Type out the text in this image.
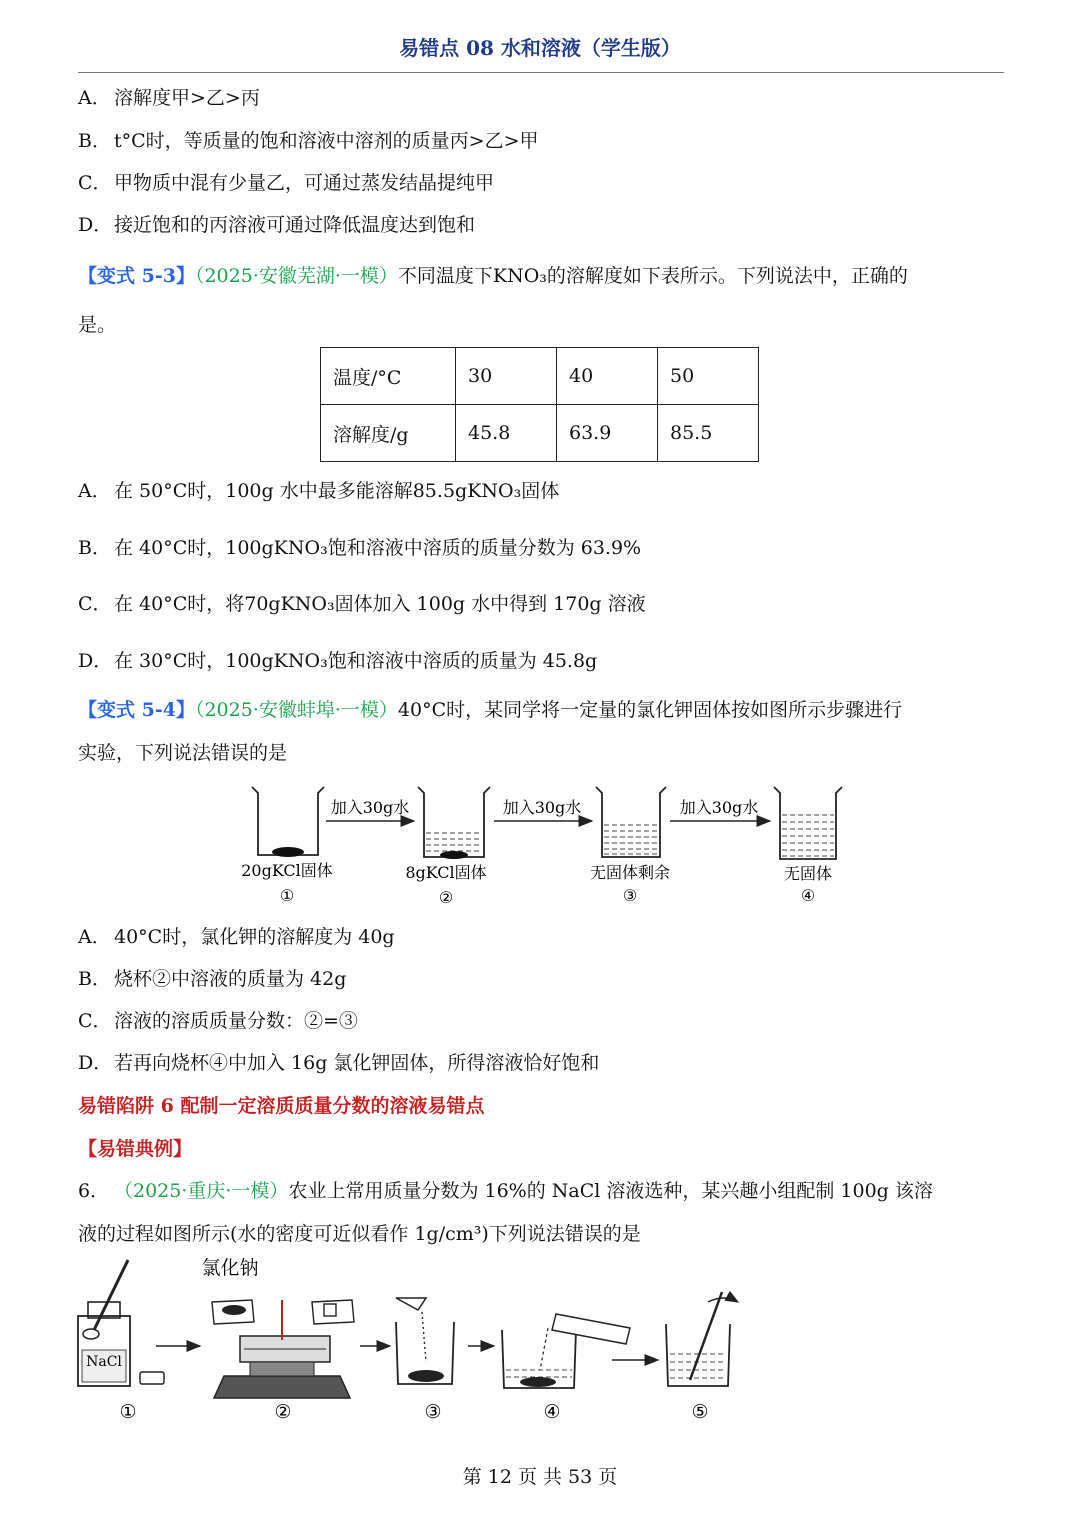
易错点 08 水和溶液（学生版）
A． 溶解度甲>乙>丙
B． t°C时，等质量的饱和溶液中溶剂的质量丙>乙>甲
C． 甲物质中混有少量乙，可通过蒸发结晶提纯甲
D．接近饱和的丙溶液可通过降低温度达到饱和
【变式 5-3】（2025·安徽芜湖·一模）不同温度下KNO₃的溶解度如下表所示。下列说法中，正确的
是。
温度/°C	30	40	50
溶解度/g	45.8	63.9	85.5
A． 在 50°C时，100g 水中最多能溶解85.5gKNO₃固体
B． 在 40°C时，100gKNO₃饱和溶液中溶质的质量分数为 63.9%
C． 在 40°C时，将70gKNO₃固体加入 100g 水中得到 170g 溶液
D．在 30°C时，100gKNO₃饱和溶液中溶质的质量为 45.8g
【变式 5-4】（2025·安徽蚌埠·一模）40°C时，某同学将一定量的氯化钾固体按如图所示步骤进行
实验，下列说法错误的是
加入30g水	加入30g水	加入30g水
20gKCl固体
①
8gKCl固体
②
无固体剩余
③
无固体
④
A． 40°C时，氯化钾的溶解度为 40g
B． 烧杯②中溶液的质量为 42g
C． 溶液的溶质质量分数：②=③
D．若再向烧杯④中加入 16g 氯化钾固体，所得溶液恰好饱和
易错陷阱 6 配制一定溶质质量分数的溶液易错点
【易错典例】
6． （2025·重庆·一模）农业上常用质量分数为 16%的 NaCl 溶液选种，某兴趣小组配制 100g 该溶
液的过程如图所示(水的密度可近似看作 1g/cm³)下列说法错误的是
NaCl
氯化钠
①	②	③	④	⑤
第 12 页 共 53 页
